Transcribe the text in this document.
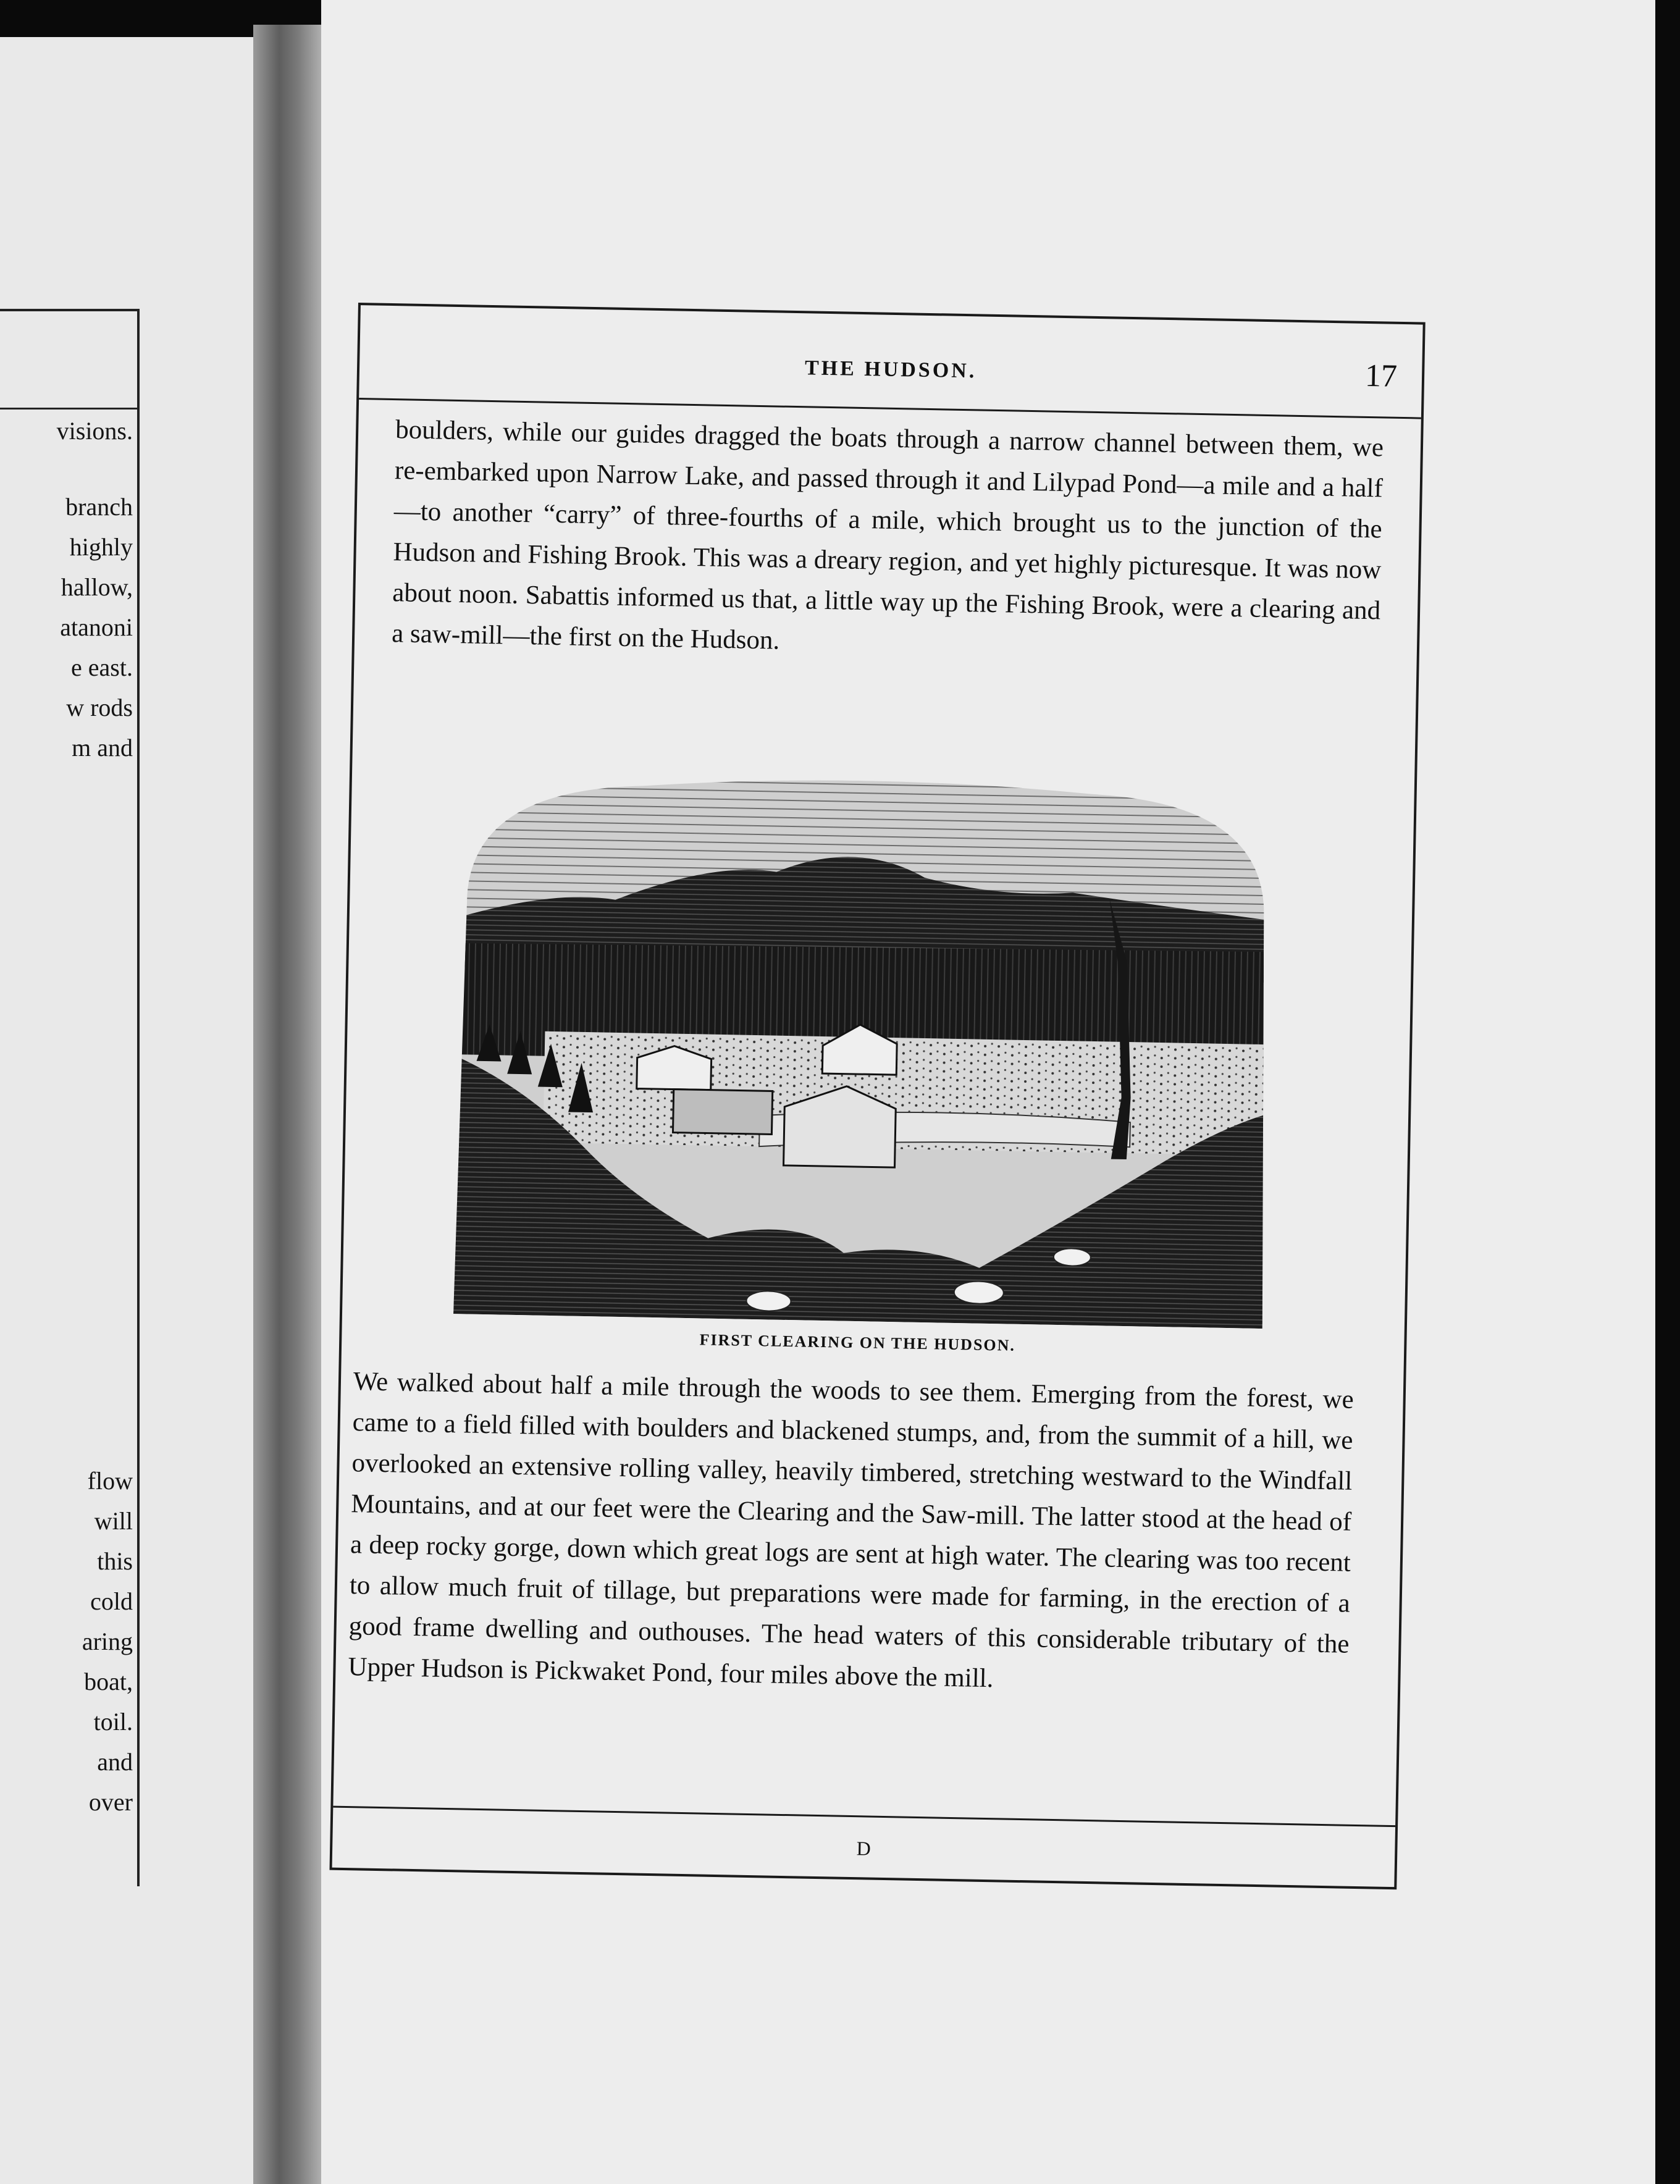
visions.
branch
highly
hallow,
atanoni
e east.
w rods
m and
flow
will
this
cold
aring
boat,
toil.
and
over
THE HUDSON.	17
boulders, while our guides dragged the boats through a narrow channel between them, we re-embarked upon Narrow Lake, and passed through it and Lilypad Pond—a mile and a half—to another “carry” of three-fourths of a mile, which brought us to the junction of the Hudson and Fishing Brook. This was a dreary region, and yet highly picturesque. It was now about noon. Sabattis informed us that, a little way up the Fishing Brook, were a clearing and a saw-mill—the first on the Hudson.
FIRST CLEARING ON THE HUDSON.
We walked about half a mile through the woods to see them. Emerging from the forest, we came to a field filled with boulders and blackened stumps, and, from the summit of a hill, we overlooked an extensive rolling valley, heavily timbered, stretching westward to the Windfall Mountains, and at our feet were the Clearing and the Saw-mill. The latter stood at the head of a deep rocky gorge, down which great logs are sent at high water. The clearing was too recent to allow much fruit of tillage, but preparations were made for farming, in the erection of a good frame dwelling and outhouses. The head waters of this considerable tributary of the Upper Hudson is Pickwaket Pond, four miles above the mill.
D
